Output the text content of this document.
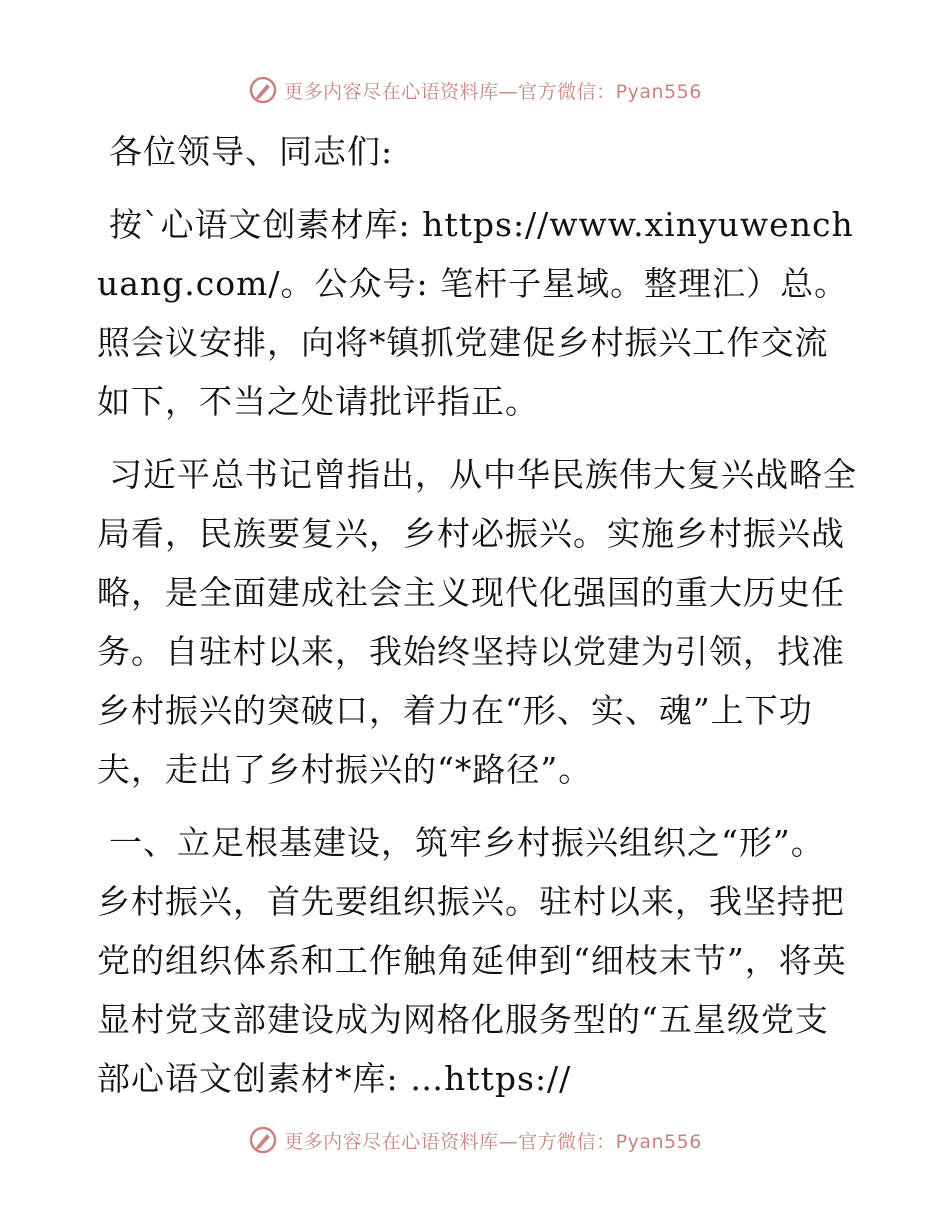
更多内容尽在心语资料库—官方微信：Pyan556

各位领导、同志们:

按`心语文创素材库: https://www.xinyuwenchuang.com/。公众号: 笔杆子星域。整理汇）总。照会议安排，向将*镇抓党建促乡村振兴工作交流如下，不当之处请批评指正。

习近平总书记曾指出，从中华民族伟大复兴战略全局看，民族要复兴，乡村必振兴。实施乡村振兴战略，是全面建成社会主义现代化强国的重大历史任务。自驻村以来，我始终坚持以党建为引领，找准乡村振兴的突破口，着力在“形、实、魂”上下功夫，走出了乡村振兴的“*路径”。

一、立足根基建设，筑牢乡村振兴组织之“形”。乡村振兴，首先要组织振兴。驻村以来，我坚持把党的组织体系和工作触角延伸到“细枝末节”，将英显村党支部建设成为网格化服务型的“五星级党支部心语文创素材*库: …https://

更多内容尽在心语资料库—官方微信：Pyan556
